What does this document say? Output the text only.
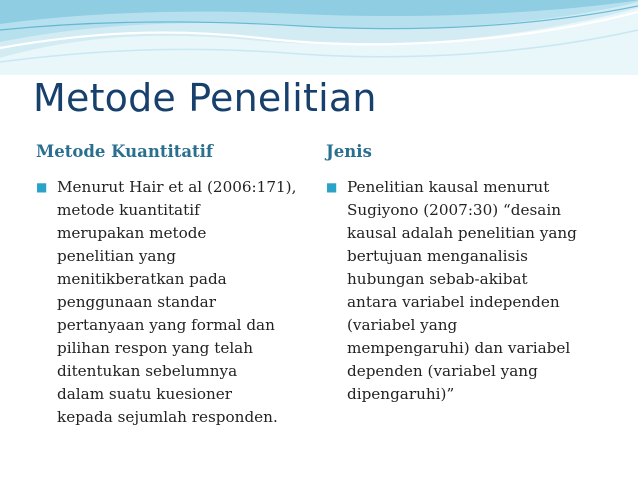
Metode Penelitian
Metode Kuantitatif
■ Menurut Hair et al (2006:171),
metode kuantitatif
merupakan metode
penelitian yang
menitikberatkan pada
penggunaan standar
pertanyaan yang formal dan
pilihan respon yang telah
ditentukan sebelumnya
dalam suatu kuesioner
kepada sejumlah responden.
Jenis
■ Penelitian kausal menurut
Sugiyono (2007:30) “desain
kausal adalah penelitian yang
bertujuan menganalisis
hubungan sebab-akibat
antara variabel independen
(variabel yang
mempengaruhi) dan variabel
dependen (variabel yang
dipengaruhi)”
